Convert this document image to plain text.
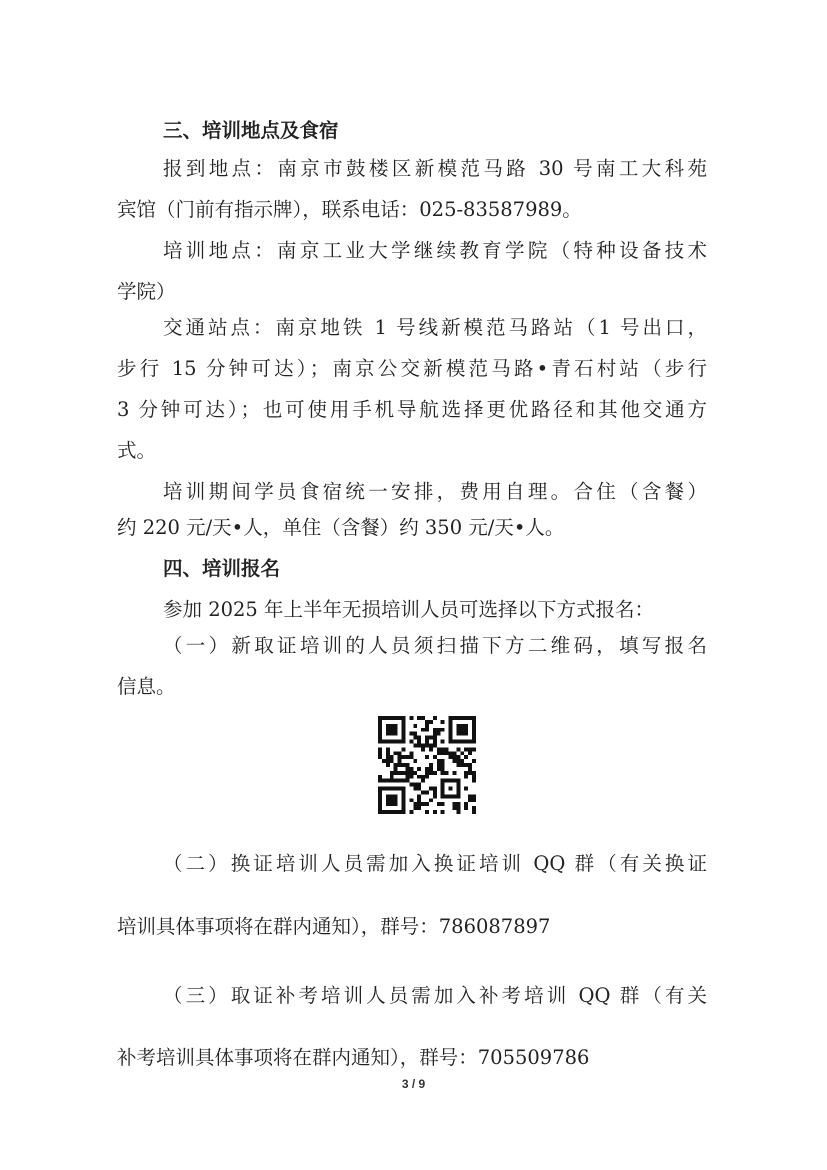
三、培训地点及食宿
报到地点：南京市鼓楼区新模范马路 30 号南工大科苑
宾馆（门前有指示牌），联系电话：025-83587989。
培训地点：南京工业大学继续教育学院（特种设备技术
学院）
交通站点：南京地铁 1 号线新模范马路站（1 号出口，
步行 15 分钟可达）；南京公交新模范马路•青石村站（步行
3 分钟可达）；也可使用手机导航选择更优路径和其他交通方
式。
培训期间学员食宿统一安排，费用自理。合住（含餐）
约 220 元/天•人，单住（含餐）约 350 元/天•人。
四、培训报名
参加 2025 年上半年无损培训人员可选择以下方式报名：
（一）新取证培训的人员须扫描下方二维码，填写报名
信息。
（二）换证培训人员需加入换证培训 QQ 群（有关换证
培训具体事项将在群内通知），群号：786087897
（三）取证补考培训人员需加入补考培训 QQ 群（有关
补考培训具体事项将在群内通知），群号：705509786
3 / 9
